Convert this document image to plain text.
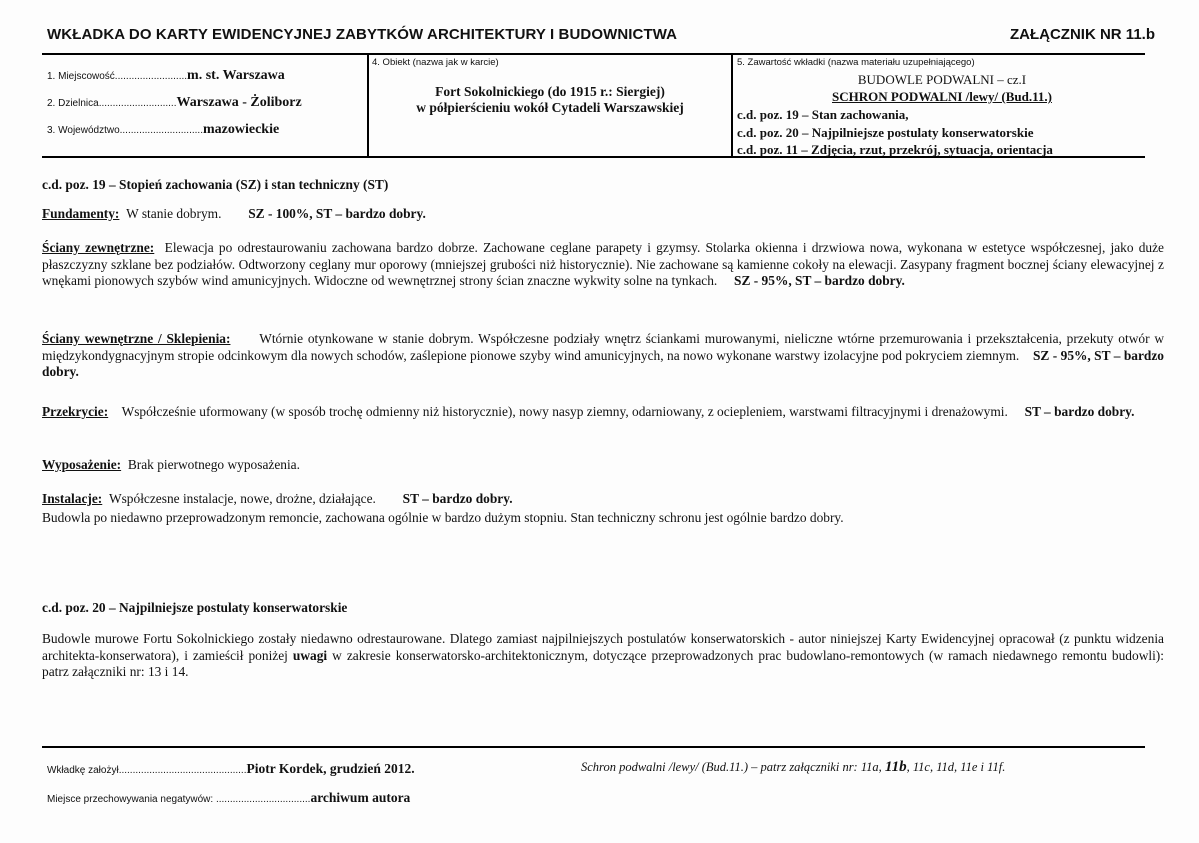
WKŁADKA DO KARTY EWIDENCYJNEJ ZABYTKÓW ARCHITEKTURY I BUDOWNICTWA	ZAŁĄCZNIK NR 11.b
1. Miejscowość..........................m. st. Warszawa
2. Dzielnica............................Warszawa - Żoliborz
3. Województwo..............................mazowieckie
4. Obiekt (nazwa jak w karcie)
Fort Sokolnickiego (do 1915 r.: Siergiej)
w półpierścieniu wokół Cytadeli Warszawskiej
5. Zawartość wkładki (nazwa materiału uzupełniającego)
BUDOWLE PODWALNI – cz.I
SCHRON PODWALNI /lewy/ (Bud.11.)
c.d. poz. 19 – Stan zachowania,
c.d. poz. 20 – Najpilniejsze postulaty konserwatorskie
c.d. poz. 11 – Zdjęcia, rzut, przekrój, sytuacja, orientacja
c.d. poz. 19 – Stopień zachowania (SZ) i stan techniczny (ST)
Fundamenty: W stanie dobrym. SZ - 100%, ST – bardzo dobry.
Ściany zewnętrzne: Elewacja po odrestaurowaniu zachowana bardzo dobrze. Zachowane ceglane parapety i gzymsy. Stolarka okienna i drzwiowa nowa, wykonana w estetyce współczesnej, jako duże płaszczyzny szklane bez podziałów. Odtworzony ceglany mur oporowy (mniejszej grubości niż historycznie). Nie zachowane są kamienne cokoły na elewacji. Zasypany fragment bocznej ściany elewacyjnej z wnękami pionowych szybów wind amunicyjnych. Widoczne od wewnętrznej strony ścian znaczne wykwity solne na tynkach. SZ - 95%, ST – bardzo dobry.
Ściany wewnętrzne / Sklepienia: Wtórnie otynkowane w stanie dobrym. Współczesne podziały wnętrz ściankami murowanymi, nieliczne wtórne przemurowania i przekształcenia, przekuty otwór w międzykondygnacyjnym stropie odcinkowym dla nowych schodów, zaślepione pionowe szyby wind amunicyjnych, na nowo wykonane warstwy izolacyjne pod pokryciem ziemnym. SZ - 95%, ST – bardzo dobry.
Przekrycie: Współcześnie uformowany (w sposób trochę odmienny niż historycznie), nowy nasyp ziemny, odarniowany, z ociepleniem, warstwami filtracyjnymi i drenażowymi. ST – bardzo dobry.
Wyposażenie: Brak pierwotnego wyposażenia.
Instalacje: Współczesne instalacje, nowe, drożne, działające. ST – bardzo dobry.
Budowla po niedawno przeprowadzonym remoncie, zachowana ogólnie w bardzo dużym stopniu. Stan techniczny schronu jest ogólnie bardzo dobry.
c.d. poz. 20 – Najpilniejsze postulaty konserwatorskie
Budowle murowe Fortu Sokolnickiego zostały niedawno odrestaurowane. Dlatego zamiast najpilniejszych postulatów konserwatorskich - autor niniejszej Karty Ewidencyjnej opracował (z punktu widzenia architekta-konserwatora), i zamieścił poniżej uwagi w zakresie konserwatorsko-architektonicznym, dotyczące przeprowadzonych prac budowlano-remontowych (w ramach niedawnego remontu budowli): patrz załączniki nr: 13 i 14.
Wkładkę założył..............................................Piotr Kordek, grudzień 2012.
Miejsce przechowywania negatywów: ..................................archiwum autora
Schron podwalni /lewy/ (Bud.11.) – patrz załączniki nr: 11a, 11b, 11c, 11d, 11e i 11f.
